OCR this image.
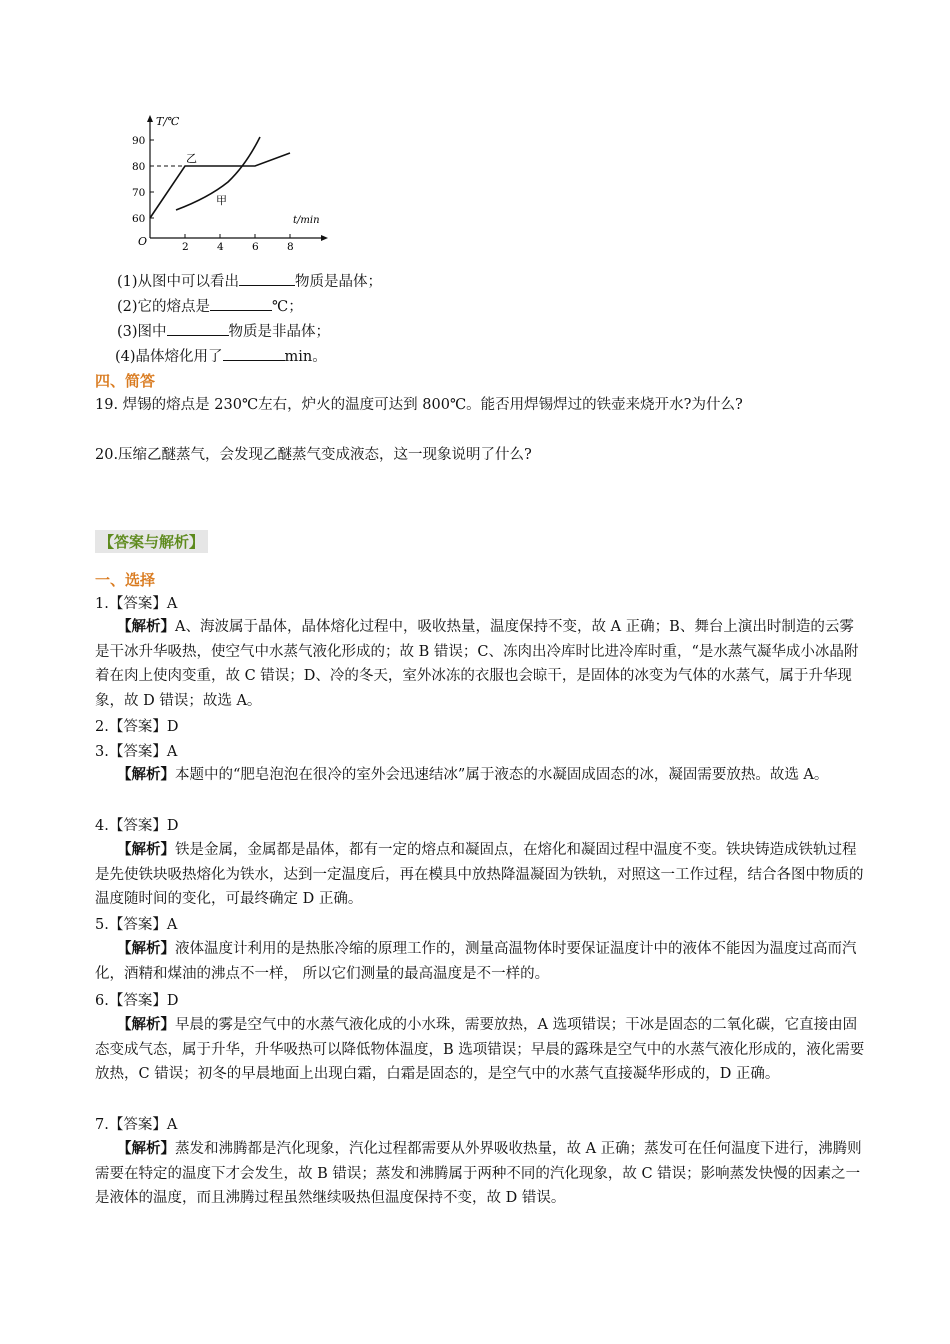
T/℃
t/min
O
60
70
80
90
2	4	6	8
乙
甲
(1)从图中可以看出	物质是晶体；
(2)它的熔点是	℃；
(3)图中	物质是非晶体；
(4)晶体熔化用了	min。
四、简答
19. 焊锡的熔点是 230℃左右，炉火的温度可达到 800℃。能否用焊锡焊过的铁壶来烧开水?为什么?
20.压缩乙醚蒸气，会发现乙醚蒸气变成液态，这一现象说明了什么?
【答案与解析】
一、选择
1.【答案】A
【解析】A、海波属于晶体，晶体熔化过程中，吸收热量，温度保持不变，故 A 正确；B、舞台上演出时制造的云雾是干冰升华吸热，使空气中水蒸气液化形成的；故 B 错误；C、冻肉出冷库时比进冷库时重，“是水蒸气凝华成小冰晶附着在肉上使肉变重，故 C 错误；D、冷的冬天，室外冰冻的衣服也会晾干，是固体的冰变为气体的水蒸气，属于升华现象，故 D 错误；故选 A。
2.【答案】D
3.【答案】A
【解析】本题中的“肥皂泡泡在很冷的室外会迅速结冰”属于液态的水凝固成固态的冰，凝固需要放热。故选 A。
4.【答案】D
【解析】铁是金属，金属都是晶体，都有一定的熔点和凝固点，在熔化和凝固过程中温度不变。铁块铸造成铁轨过程是先使铁块吸热熔化为铁水，达到一定温度后，再在模具中放热降温凝固为铁轨，对照这一工作过程，结合各图中物质的温度随时间的变化，可最终确定 D 正确。
5.【答案】A
【解析】液体温度计利用的是热胀冷缩的原理工作的，测量高温物体时要保证温度计中的液体不能因为温度过高而汽化，酒精和煤油的沸点不一样， 所以它们测量的最高温度是不一样的。
6.【答案】D
【解析】早晨的雾是空气中的水蒸气液化成的小水珠，需要放热，A 选项错误；干冰是固态的二氧化碳，它直接由固态变成气态，属于升华，升华吸热可以降低物体温度，B 选项错误；早晨的露珠是空气中的水蒸气液化形成的，液化需要放热，C 错误；初冬的早晨地面上出现白霜，白霜是固态的，是空气中的水蒸气直接凝华形成的，D 正确。
7.【答案】A
【解析】蒸发和沸腾都是汽化现象，汽化过程都需要从外界吸收热量，故 A 正确；蒸发可在任何温度下进行，沸腾则需要在特定的温度下才会发生，故 B 错误；蒸发和沸腾属于两种不同的汽化现象，故 C 错误；影响蒸发快慢的因素之一是液体的温度，而且沸腾过程虽然继续吸热但温度保持不变，故 D 错误。
